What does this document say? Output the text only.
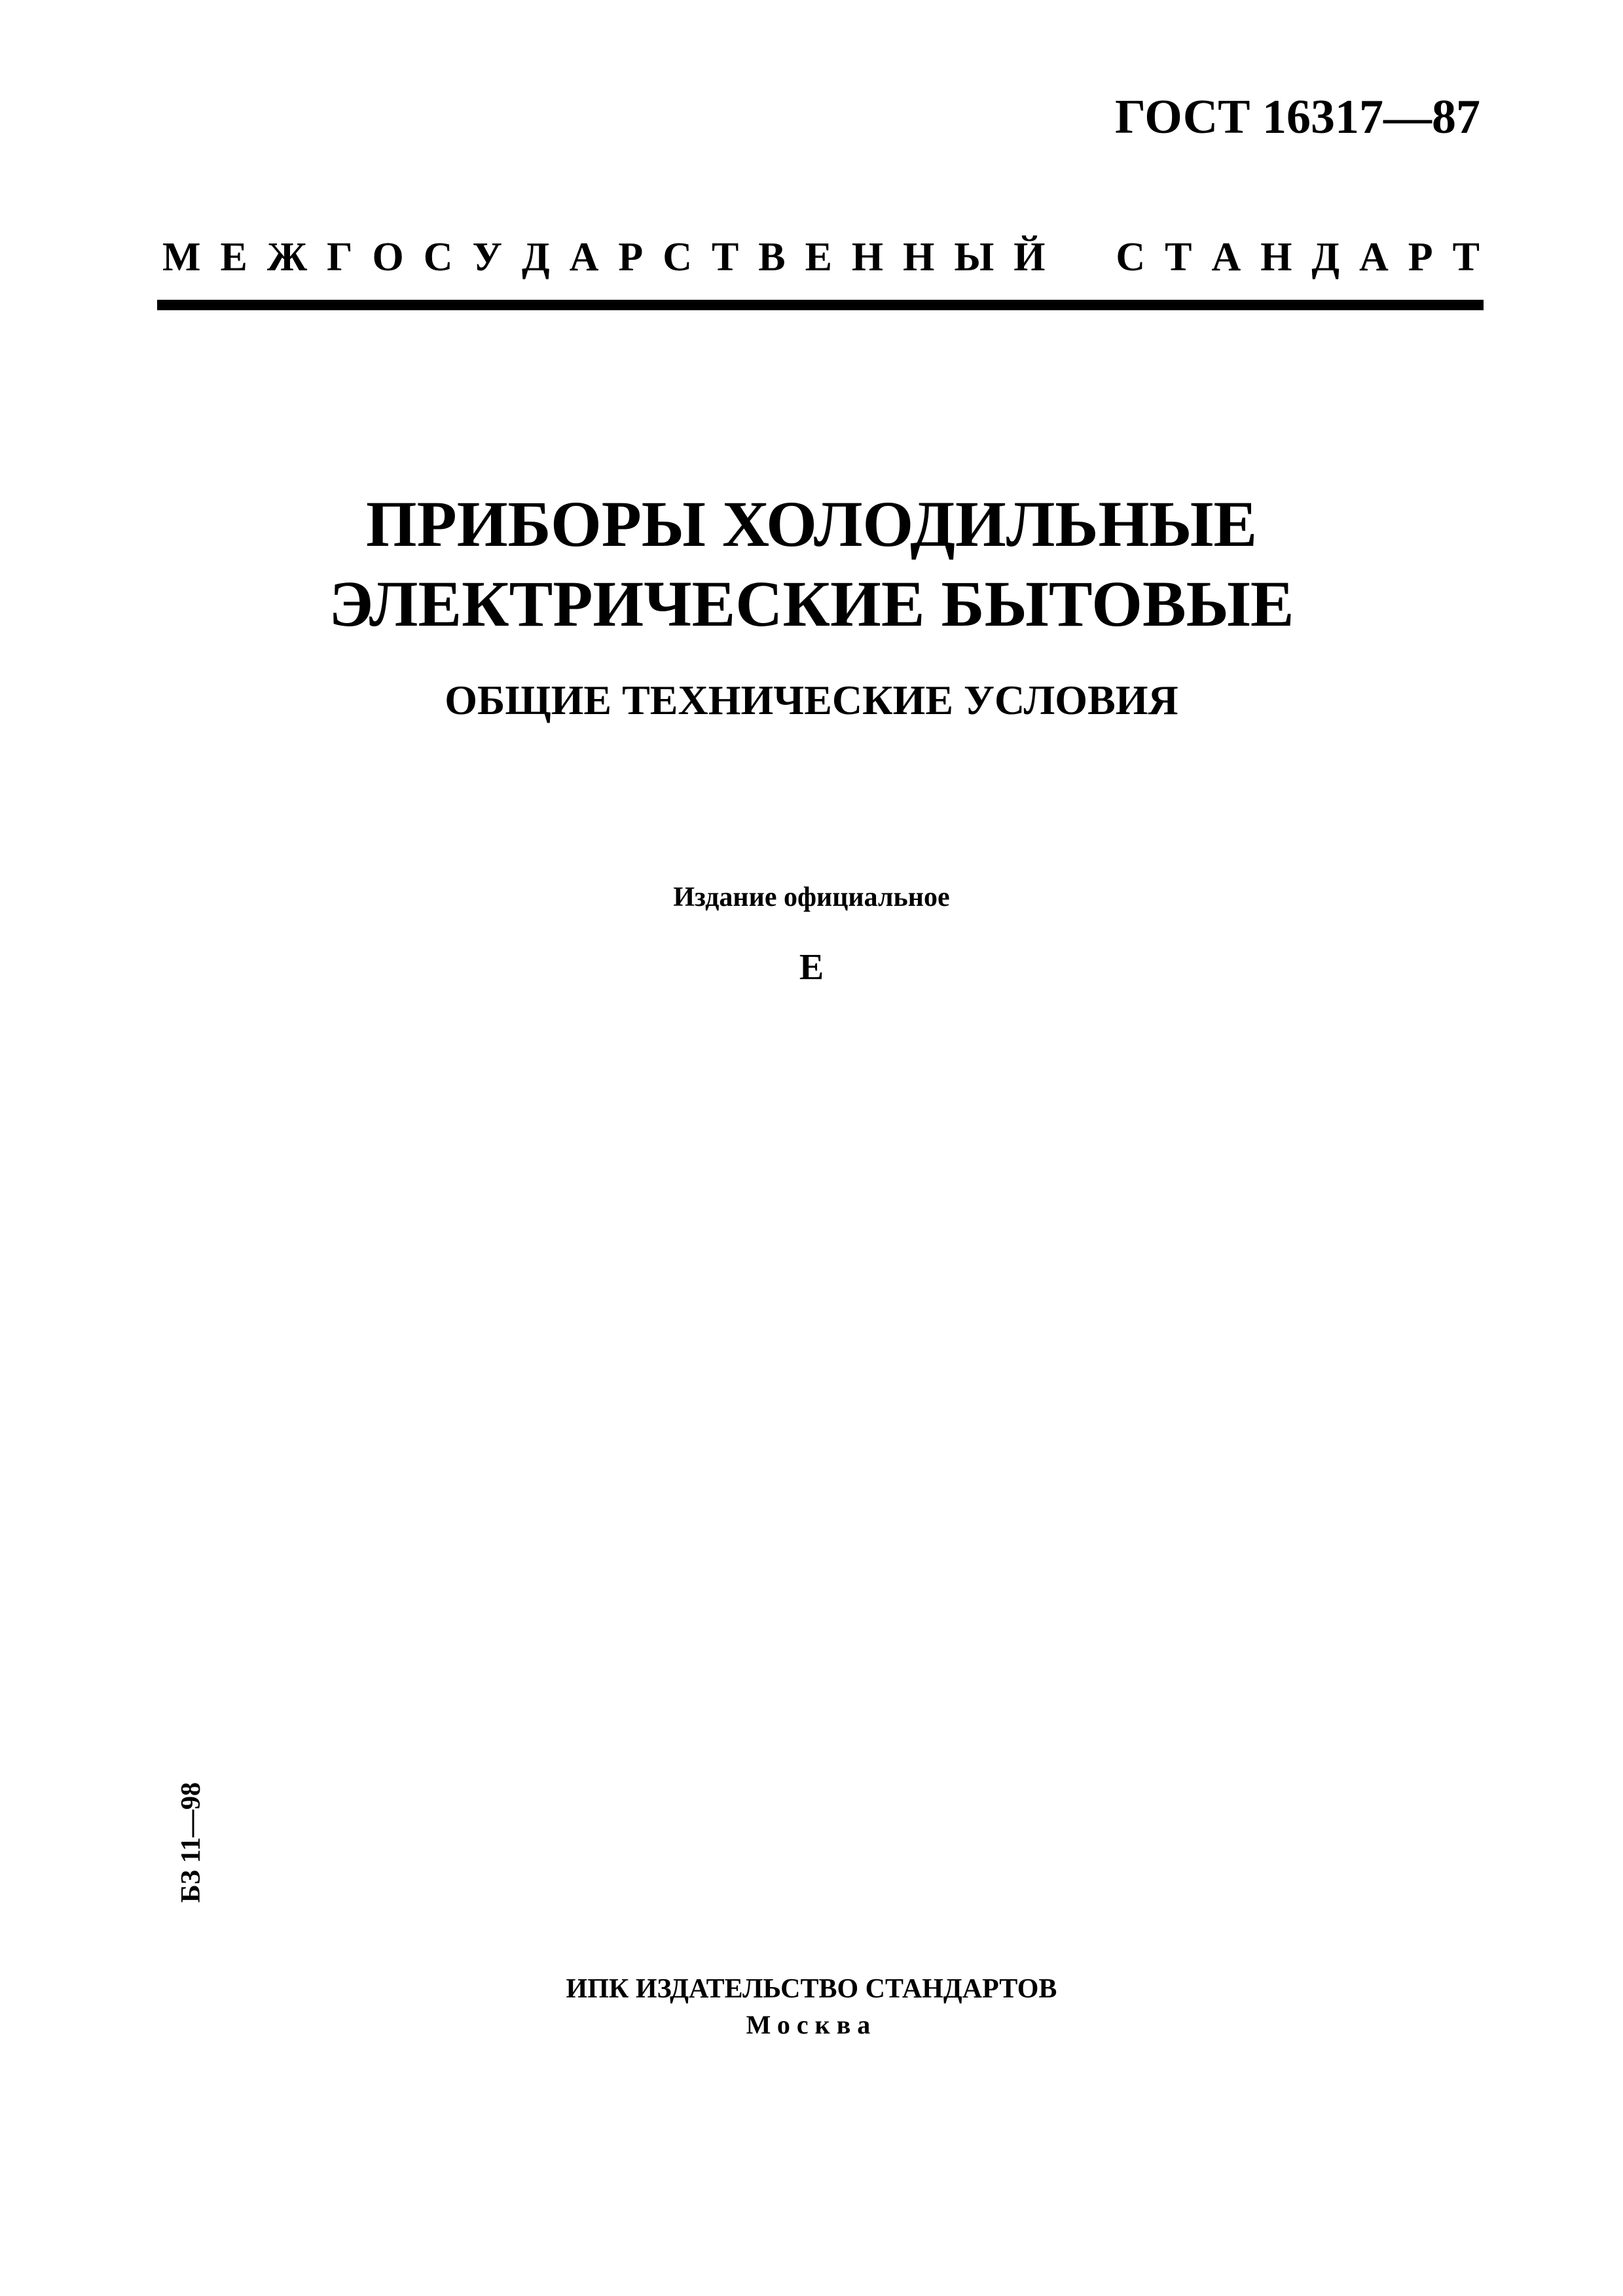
ГОСТ 16317—87
М Е Ж Г О С У Д А Р С Т В Е Н Н Ы Й С Т А Н Д А Р Т
ПРИБОРЫ ХОЛОДИЛЬНЫЕ
ЭЛЕКТРИЧЕСКИЕ БЫТОВЫЕ
ОБЩИЕ ТЕХНИЧЕСКИЕ УСЛОВИЯ
Издание официальное
Е
БЗ 11—98
ИПК ИЗДАТЕЛЬСТВО СТАНДАРТОВ
Москва
